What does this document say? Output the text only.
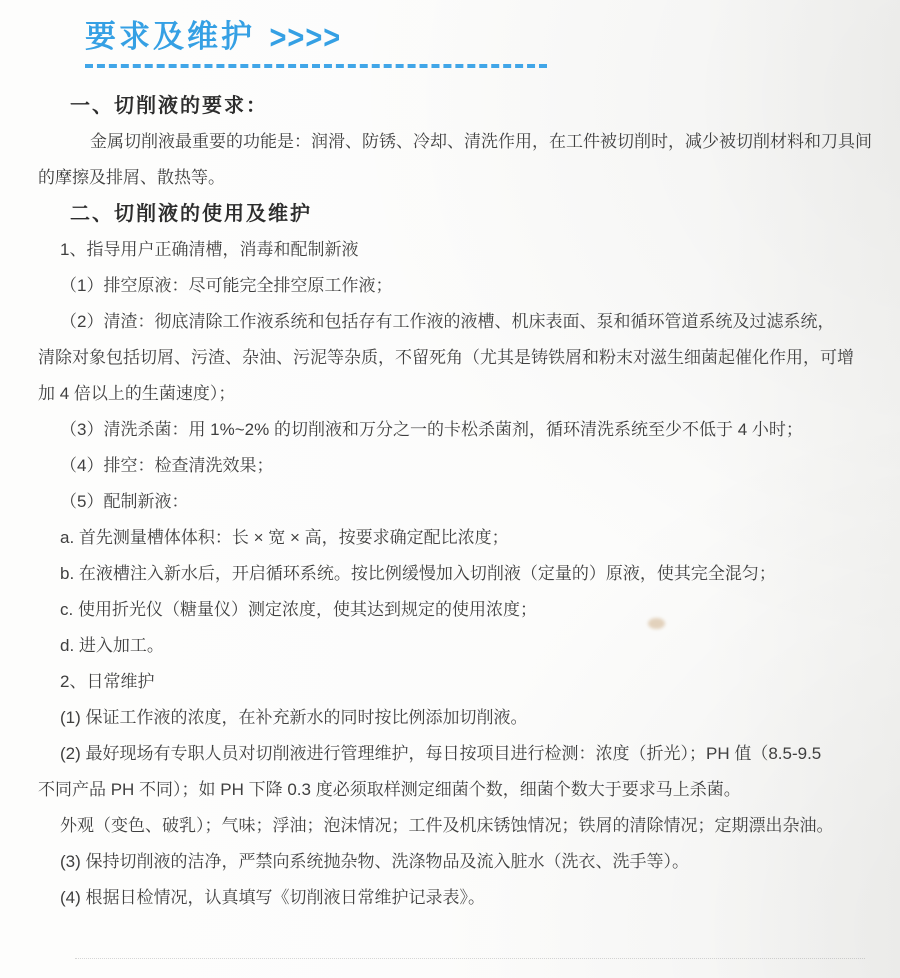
要求及维护 >>>>
一、切削液的要求：
金属切削液最重要的功能是：润滑、防锈、冷却、清洗作用，在工件被切削时，减少被切削材料和刀具间
的摩擦及排屑、散热等。
二、切削液的使用及维护
1、指导用户正确清槽，消毒和配制新液
（1）排空原液：尽可能完全排空原工作液；
（2）清渣：彻底清除工作液系统和包括存有工作液的液槽、机床表面、泵和循环管道系统及过滤系统，
清除对象包括切屑、污渣、杂油、污泥等杂质，不留死角（尤其是铸铁屑和粉末对滋生细菌起催化作用，可增
加 4 倍以上的生菌速度）；
（3）清洗杀菌：用 1%~2% 的切削液和万分之一的卡松杀菌剂，循环清洗系统至少不低于 4 小时；
（4）排空：检查清洗效果；
（5）配制新液：
a. 首先测量槽体体积：长 × 宽 × 高，按要求确定配比浓度；
b. 在液槽注入新水后，开启循环系统。按比例缓慢加入切削液（定量的）原液，使其完全混匀；
c. 使用折光仪（糖量仪）测定浓度，使其达到规定的使用浓度；
d. 进入加工。
2、日常维护
(1) 保证工作液的浓度，在补充新水的同时按比例添加切削液。
(2) 最好现场有专职人员对切削液进行管理维护，每日按项目进行检测：浓度（折光）；PH 值（8.5-9.5
不同产品 PH 不同）；如 PH 下降 0.3 度必须取样测定细菌个数，细菌个数大于要求马上杀菌。
外观（变色、破乳）；气味；浮油；泡沫情况；工件及机床锈蚀情况；铁屑的清除情况；定期漂出杂油。
(3) 保持切削液的洁净，严禁向系统抛杂物、洗涤物品及流入脏水（洗衣、洗手等）。
(4) 根据日检情况，认真填写《切削液日常维护记录表》。
